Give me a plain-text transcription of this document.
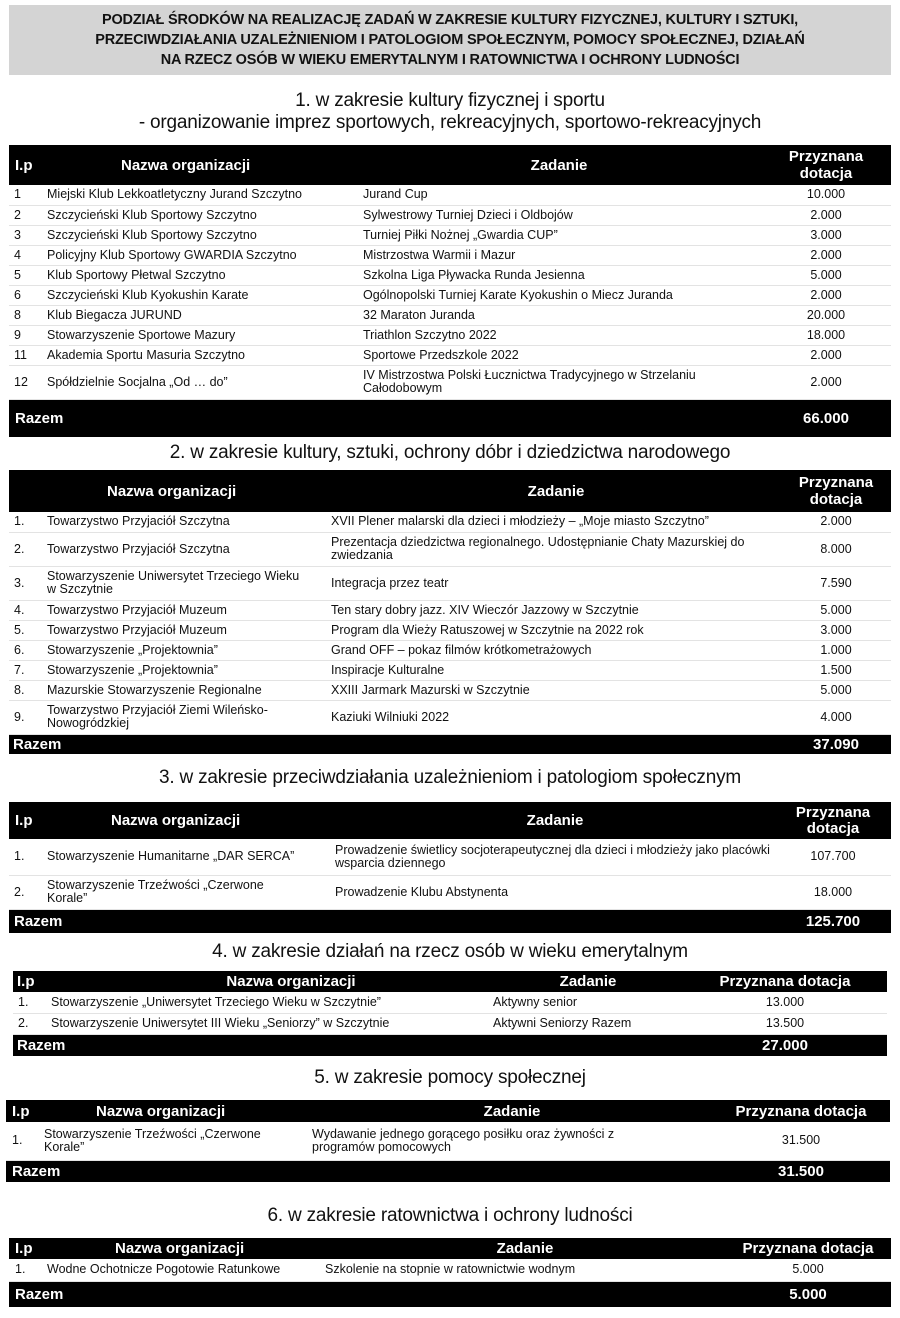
PODZIAŁ ŚRODKÓW NA REALIZACJĘ ZADAŃ W ZAKRESIE KULTURY FIZYCZNEJ, KULTURY I SZTUKI,
PRZECIWDZIAŁANIA UZALEŻNIENIOM I PATOLOGIOM SPOŁECZNYM, POMOCY SPOŁECZNEJ, DZIAŁAŃ
NA RZECZ OSÓB W WIEKU EMERYTALNYM I RATOWNICTWA I OCHRONY LUDNOŚCI
1. w zakresie kultury fizycznej i sportu
- organizowanie imprez sportowych, rekreacyjnych, sportowo-rekreacyjnych
I.p	Nazwa organizacji	Zadanie	Przyznana dotacja
1	Miejski Klub Lekkoatletyczny Jurand Szczytno	Jurand Cup	10.000
2	Szczycieński Klub Sportowy Szczytno	Sylwestrowy Turniej Dzieci i Oldbojów	2.000
3	Szczycieński Klub Sportowy Szczytno	Turniej Piłki Nożnej „Gwardia CUP”	3.000
4	Policyjny Klub Sportowy GWARDIA Szczytno	Mistrzostwa Warmii i Mazur	2.000
5	Klub Sportowy Płetwal Szczytno	Szkolna Liga Pływacka Runda Jesienna	5.000
6	Szczycieński Klub Kyokushin Karate	Ogólnopolski Turniej Karate Kyokushin o Miecz Juranda	2.000
8	Klub Biegacza JURUND	32 Maraton Juranda	20.000
9	Stowarzyszenie Sportowe Mazury	Triathlon Szczytno 2022	18.000
11	Akademia Sportu Masuria Szczytno	Sportowe Przedszkole 2022	2.000
12	Spółdzielnie Socjalna „Od … do”	IV Mistrzostwa Polski Łucznictwa Tradycyjnego w Strzelaniu Całodobowym	2.000
Razem			66.000
2. w zakresie kultury, sztuki, ochrony dóbr i dziedzictwa narodowego
	Nazwa organizacji	Zadanie	Przyznana dotacja
1.	Towarzystwo Przyjaciół Szczytna	XVII Plener malarski dla dzieci i młodzieży – „Moje miasto Szczytno”	2.000
2.	Towarzystwo Przyjaciół Szczytna	Prezentacja dziedzictwa regionalnego. Udostępnianie Chaty Mazurskiej do zwiedzania	8.000
3.	Stowarzyszenie Uniwersytet Trzeciego Wieku w Szczytnie	Integracja przez teatr	7.590
4.	Towarzystwo Przyjaciół Muzeum	Ten stary dobry jazz. XIV Wieczór Jazzowy w Szczytnie	5.000
5.	Towarzystwo Przyjaciół Muzeum	Program dla Wieży Ratuszowej w Szczytnie na 2022 rok	3.000
6.	Stowarzyszenie „Projektownia”	Grand OFF – pokaz filmów krótkometrażowych	1.000
7.	Stowarzyszenie „Projektownia”	Inspiracje Kulturalne	1.500
8.	Mazurskie Stowarzyszenie Regionalne	XXIII Jarmark Mazurski w Szczytnie	5.000
9.	Towarzystwo Przyjaciół Ziemi Wileńsko-Nowogródzkiej	Kaziuki Wilniuki 2022	4.000
Razem			37.090
3. w zakresie przeciwdziałania uzależnieniom i patologiom społecznym
I.p	Nazwa organizacji	Zadanie	Przyznana dotacja
1.	Stowarzyszenie Humanitarne „DAR SERCA”	Prowadzenie świetlicy socjoterapeutycznej dla dzieci i młodzieży jako placówki wsparcia dziennego	107.700
2.	Stowarzyszenie Trzeźwości „Czerwone Korale”	Prowadzenie Klubu Abstynenta	18.000
Razem			125.700
4. w zakresie działań na rzecz osób w wieku emerytalnym
I.p	Nazwa organizacji	Zadanie	Przyznana dotacja
1.	Stowarzyszenie „Uniwersytet Trzeciego Wieku w Szczytnie”	Aktywny senior	13.000
2.	Stowarzyszenie Uniwersytet III Wieku „Seniorzy” w Szczytnie	Aktywni Seniorzy Razem	13.500
Razem			27.000
5. w zakresie pomocy społecznej
I.p	Nazwa organizacji	Zadanie	Przyznana dotacja
1.	Stowarzyszenie Trzeźwości „Czerwone Korale”	Wydawanie jednego gorącego posiłku oraz żywności z programów pomocowych	31.500
Razem			31.500
6. w zakresie ratownictwa i ochrony ludności
I.p	Nazwa organizacji	Zadanie	Przyznana dotacja
1.	Wodne Ochotnicze Pogotowie Ratunkowe	Szkolenie na stopnie w ratownictwie wodnym	5.000
Razem			5.000
